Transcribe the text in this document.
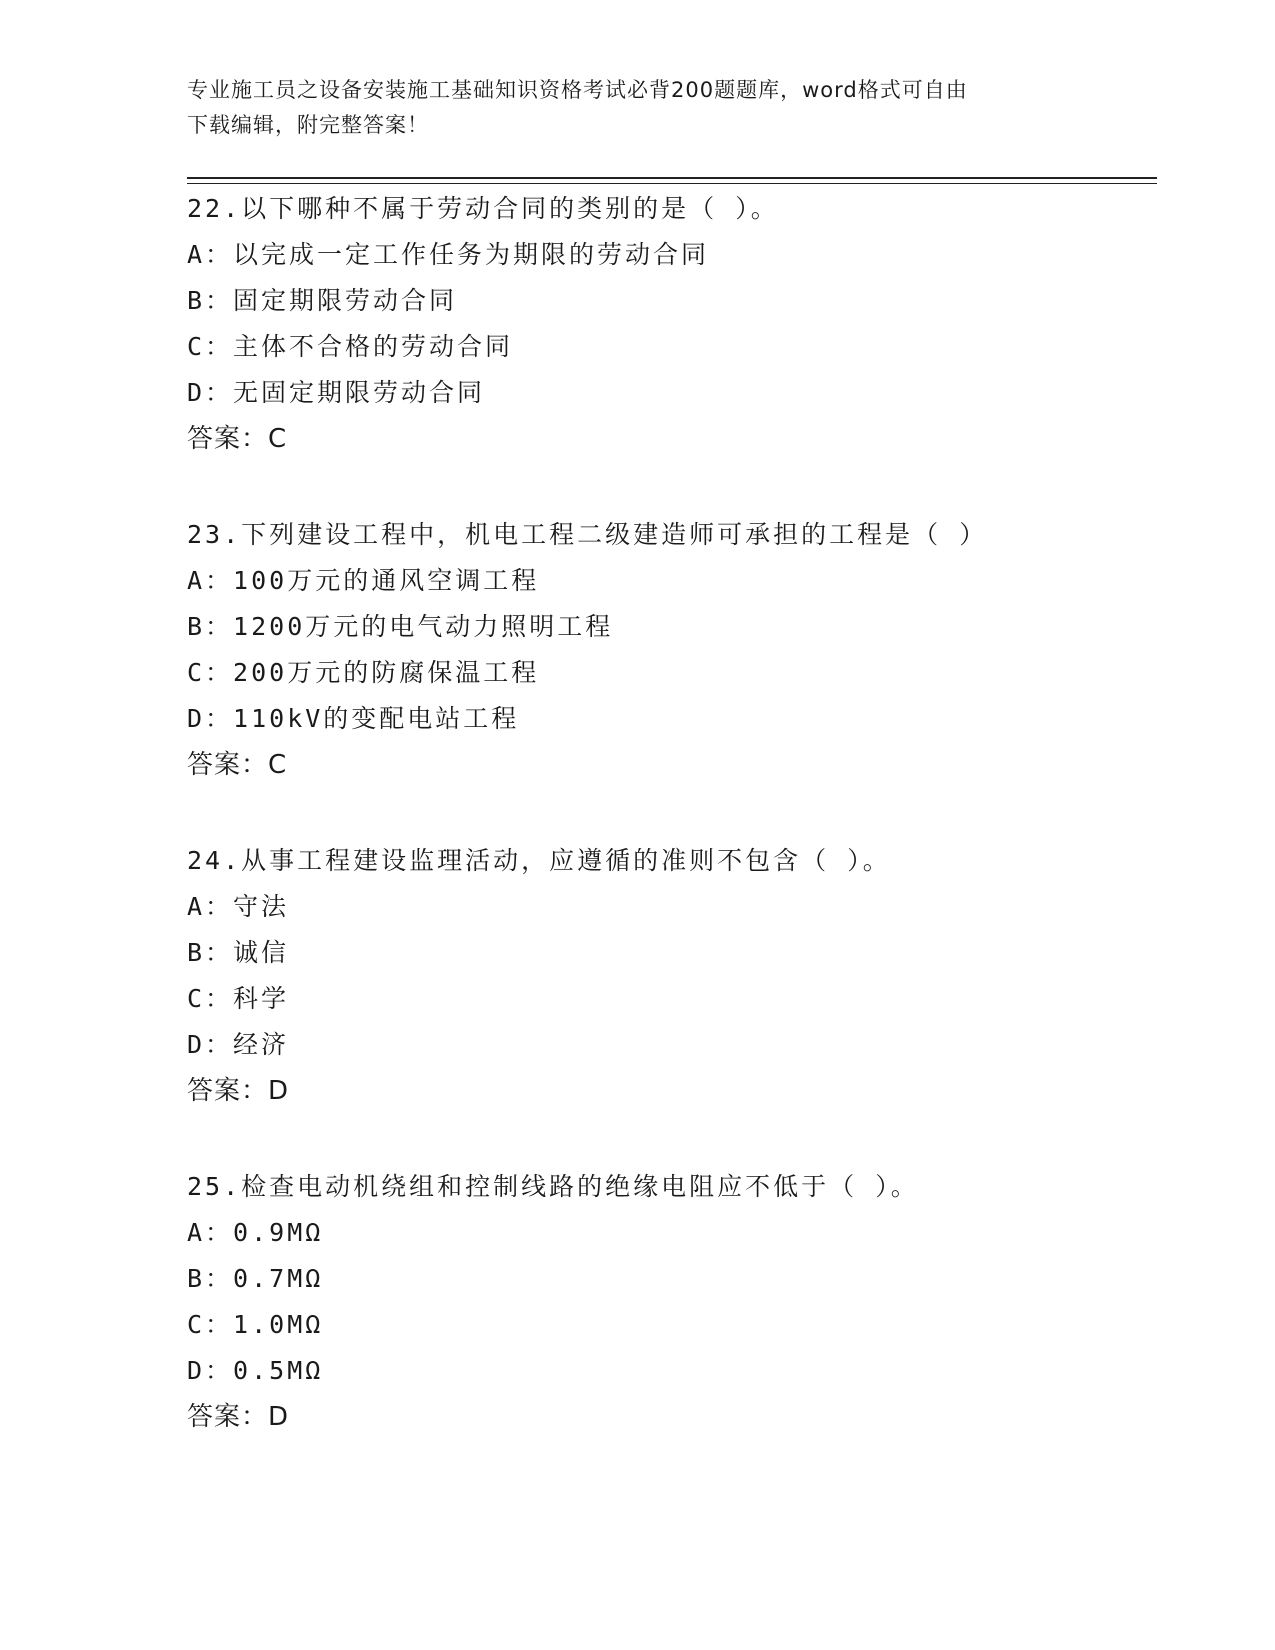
专业施工员之设备安装施工基础知识资格考试必背200题题库，word格式可自由
下载编辑，附完整答案！
22.以下哪种不属于劳动合同的类别的是（ ）。
A：以完成一定工作任务为期限的劳动合同
B：固定期限劳动合同
C：主体不合格的劳动合同
D：无固定期限劳动合同
答案：C
23.下列建设工程中，机电工程二级建造师可承担的工程是（ ）
A：100万元的通风空调工程
B：1200万元的电气动力照明工程
C：200万元的防腐保温工程
D：110kV的变配电站工程
答案：C
24.从事工程建设监理活动，应遵循的准则不包含（ ）。
A：守法
B：诚信
C：科学
D：经济
答案：D
25.检查电动机绕组和控制线路的绝缘电阻应不低于（ ）。
A：0.9MΩ
B：0.7MΩ
C：1.0MΩ
D：0.5MΩ
答案：D
